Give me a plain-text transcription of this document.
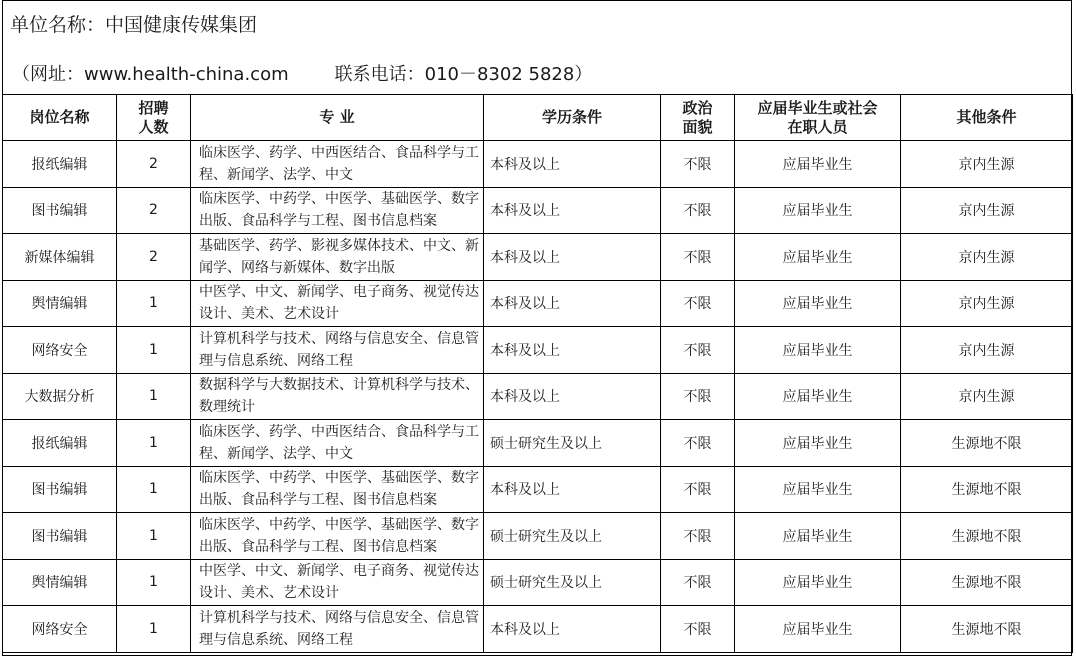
单位名称：中国健康传媒集团
（网址：www.health-china.com	联系电话：010－8302 5828）
岗位名称	招聘人数	专 业	学历条件	政治面貌	应届毕业生或社会在职人员	其他条件
报纸编辑	2	临床医学、药学、中西医结合、食品科学与工程、新闻学、法学、中文	本科及以上	不限	应届毕业生	京内生源
图书编辑	2	临床医学、中药学、中医学、基础医学、数字出版、食品科学与工程、图书信息档案	本科及以上	不限	应届毕业生	京内生源
新媒体编辑	2	基础医学、药学、影视多媒体技术、中文、新闻学、网络与新媒体、数字出版	本科及以上	不限	应届毕业生	京内生源
舆情编辑	1	中医学、中文、新闻学、电子商务、视觉传达设计、美术、艺术设计	本科及以上	不限	应届毕业生	京内生源
网络安全	1	计算机科学与技术、网络与信息安全、信息管理与信息系统、网络工程	本科及以上	不限	应届毕业生	京内生源
大数据分析	1	数据科学与大数据技术、计算机科学与技术、数理统计	本科及以上	不限	应届毕业生	京内生源
报纸编辑	1	临床医学、药学、中西医结合、食品科学与工程、新闻学、法学、中文	硕士研究生及以上	不限	应届毕业生	生源地不限
图书编辑	1	临床医学、中药学、中医学、基础医学、数字出版、食品科学与工程、图书信息档案	本科及以上	不限	应届毕业生	生源地不限
图书编辑	1	临床医学、中药学、中医学、基础医学、数字出版、食品科学与工程、图书信息档案	硕士研究生及以上	不限	应届毕业生	生源地不限
舆情编辑	1	中医学、中文、新闻学、电子商务、视觉传达设计、美术、艺术设计	硕士研究生及以上	不限	应届毕业生	生源地不限
网络安全	1	计算机科学与技术、网络与信息安全、信息管理与信息系统、网络工程	本科及以上	不限	应届毕业生	生源地不限
